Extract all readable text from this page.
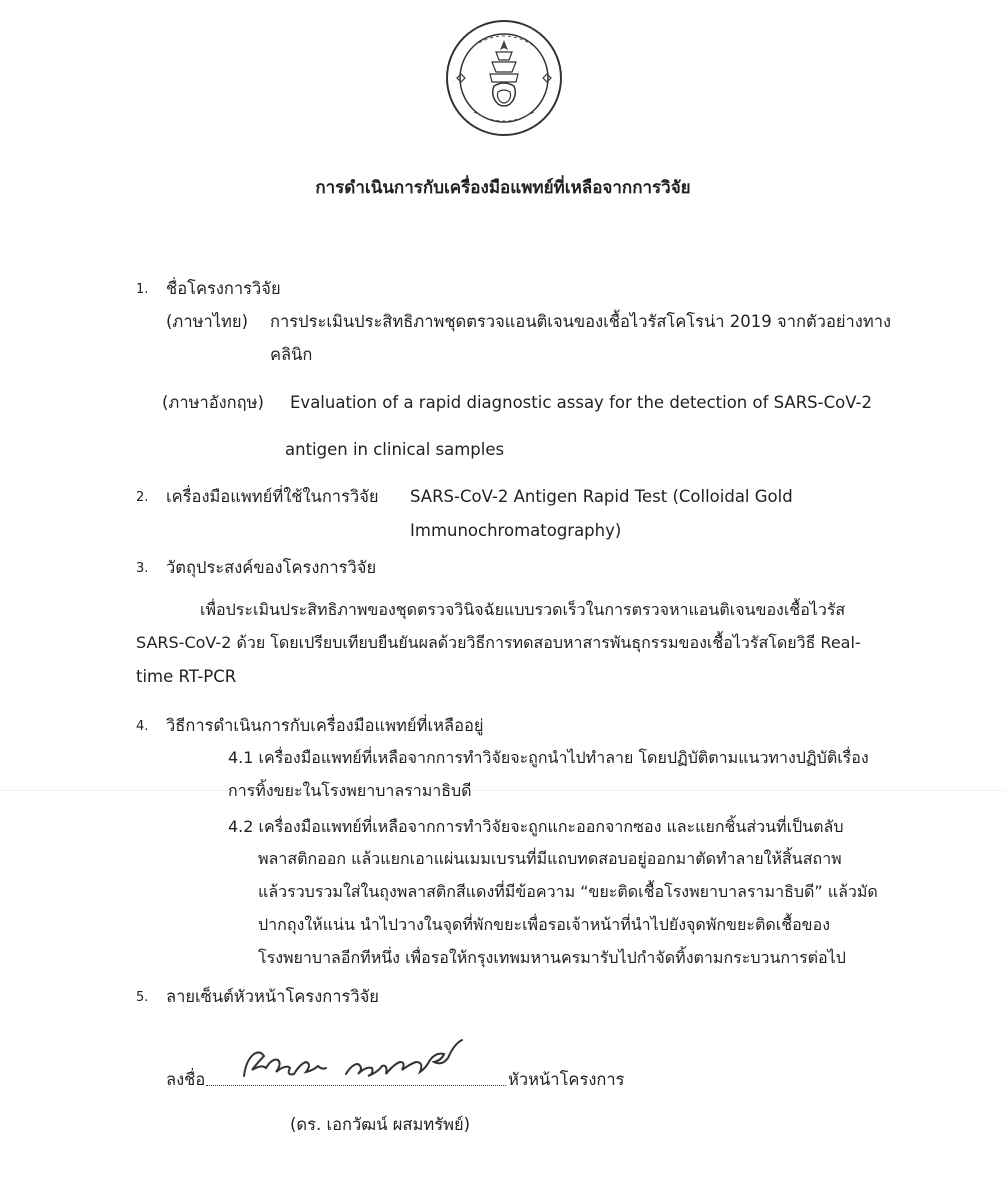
การดำเนินการกับเครื่องมือแพทย์ที่เหลือจากการวิจัย
1. ชื่อโครงการวิจัย
(ภาษาไทย) การประเมินประสิทธิภาพชุดตรวจแอนติเจนของเชื้อไวรัสโคโรน่า 2019 จากตัวอย่างทาง
คลินิก
(ภาษาอังกฤษ) Evaluation of a rapid diagnostic assay for the detection of SARS-CoV-2
antigen in clinical samples
2. เครื่องมือแพทย์ที่ใช้ในการวิจัย SARS-CoV-2 Antigen Rapid Test (Colloidal Gold
Immunochromatography)
3. วัตถุประสงค์ของโครงการวิจัย
เพื่อประเมินประสิทธิภาพของชุดตรวจวินิจฉัยแบบรวดเร็วในการตรวจหาแอนติเจนของเชื้อไวรัส
SARS-CoV-2 ด้วย โดยเปรียบเทียบยืนยันผลด้วยวิธีการทดสอบหาสารพันธุกรรมของเชื้อไวรัสโดยวิธี Real-
time RT-PCR
4. วิธีการดำเนินการกับเครื่องมือแพทย์ที่เหลืออยู่
4.1 เครื่องมือแพทย์ที่เหลือจากการทำวิจัยจะถูกนำไปทำลาย โดยปฏิบัติตามแนวทางปฏิบัติเรื่อง
การทิ้งขยะในโรงพยาบาลรามาธิบดี
4.2 เครื่องมือแพทย์ที่เหลือจากการทำวิจัยจะถูกแกะออกจากซอง และแยกชิ้นส่วนที่เป็นตลับ
พลาสติกออก แล้วแยกเอาแผ่นเมมเบรนที่มีแถบทดสอบอยู่ออกมาตัดทำลายให้สิ้นสถาพ
แล้วรวบรวมใส่ในถุงพลาสติกสีแดงที่มีข้อความ “ขยะติดเชื้อโรงพยาบาลรามาธิบดี” แล้วมัด
ปากถุงให้แน่น นำไปวางในจุดที่พักขยะเพื่อรอเจ้าหน้าที่นำไปยังจุดพักขยะติดเชื้อของ
โรงพยาบาลอีกทีหนึ่ง เพื่อรอให้กรุงเทพมหานครมารับไปกำจัดทิ้งตามกระบวนการต่อไป
5. ลายเซ็นต์หัวหน้าโครงการวิจัย
ลงชื่อ	หัวหน้าโครงการ
(ดร. เอกวัฒน์ ผสมทรัพย์)
